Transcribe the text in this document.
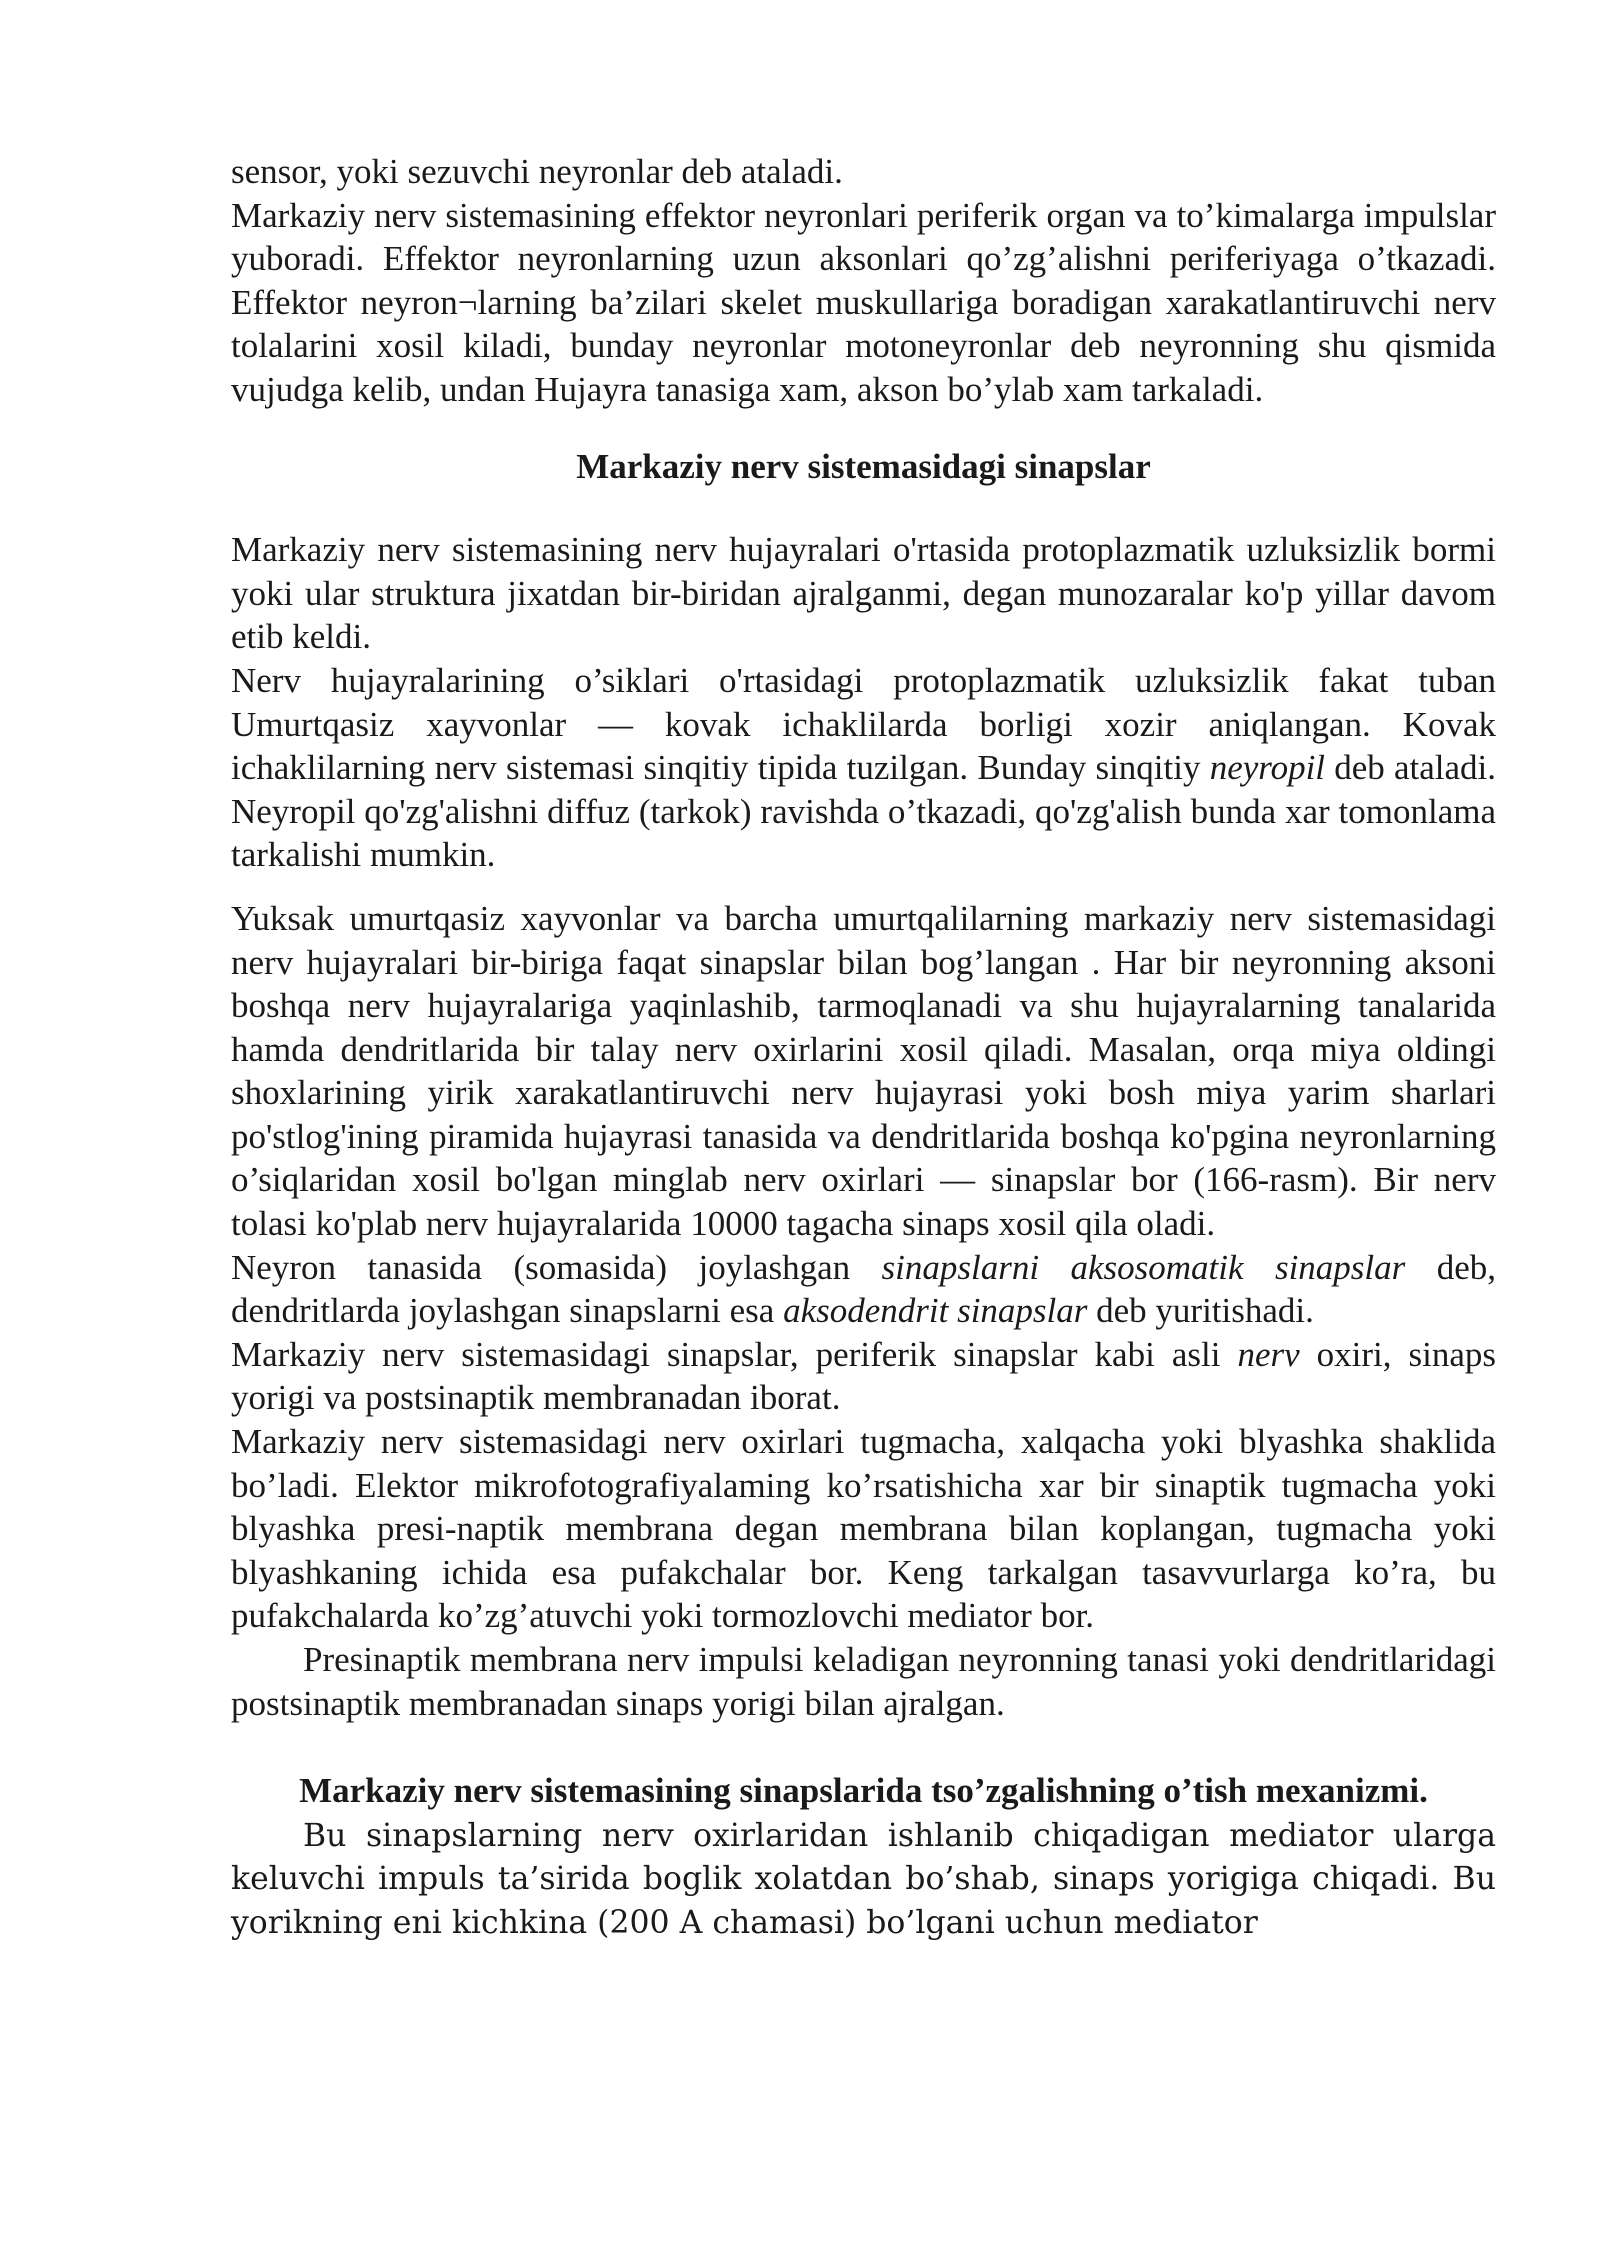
sensor, yoki sezuvchi neyronlar deb ataladi.

Markaziy nerv sistemasining effektor neyronlari periferik organ va to’kimalarga impulslar yuboradi. Effektor neyronlarning uzun aksonlari qo’zg’alishni periferiyaga o’tkazadi. Effektor neyron¬larning ba’zilari skelet muskullariga boradigan xarakatlantiruvchi nerv tolalarini xosil kiladi, bunday neyronlar motoneyronlar deb neyronning shu qismida vujudga kelib, undan Hujayra tanasiga xam, akson bo’ylab xam tarkaladi.

Markaziy nerv sistemasidagi sinapslar

Markaziy nerv sistemasining nerv hujayralari o'rtasida protoplazmatik uzluksizlik bormi yoki ular struktura jixatdan bir-biridan ajralganmi, degan munozaralar ko'p yillar davom etib keldi.

Nerv hujayralarining o’siklari o'rtasidagi protoplazmatik uzluksizlik fakat tuban Umurtqasiz xayvonlar — kovak ichaklilarda borligi xozir aniqlangan. Kovak ichaklilarning nerv sistemasi sinqitiy tipida tuzilgan. Bunday sinqitiy neyropil deb ataladi. Neyropil qo'zg'alishni diffuz (tarkok) ravishda o’tkazadi, qo'zg'alish bunda xar tomonlama tarkalishi mumkin.

Yuksak umurtqasiz xayvonlar va barcha umurtqalilarning markaziy nerv sistemasidagi nerv hujayralari bir-biriga faqat sinapslar bilan bog’langan . Har bir neyronning aksoni boshqa nerv hujayralariga yaqinlashib, tarmoqlanadi va shu hujayralarning tanalarida hamda dendritlarida bir talay nerv oxirlarini xosil qiladi. Masalan, orqa miya oldingi shoxlarining yirik xarakatlantiruvchi nerv hujayrasi yoki bosh miya yarim sharlari po'stlog'ining piramida hujayrasi tanasida va dendritlarida boshqa ko'pgina neyronlarning o’siqlaridan xosil bo'lgan minglab nerv oxirlari — sinapslar bor (166-rasm). Bir nerv tolasi ko'plab nerv hujayralarida 10000 tagacha sinaps xosil qila oladi.

Neyron tanasida (somasida) joylashgan sinapslarni aksosomatik sinapslar deb, dendritlarda joylashgan sinapslarni esa aksodendrit sinapslar deb yuritishadi.

Markaziy nerv sistemasidagi sinapslar, periferik sinapslar kabi asli nerv oxiri, sinaps yorigi va postsinaptik membranadan iborat.

Markaziy nerv sistemasidagi nerv oxirlari tugmacha, xalqacha yoki blyashka shaklida bo’ladi. Elektor mikrofotografiyalaming ko’rsatishicha xar bir sinaptik tugmacha yoki blyashka presi-naptik membrana degan membrana bilan koplangan, tugmacha yoki blyashkaning ichida esa pufakchalar bor. Keng tarkalgan tasavvurlarga ko’ra, bu pufakchalarda ko’zg’atuvchi yoki tormozlovchi mediator bor.

Presinaptik membrana nerv impulsi keladigan neyronning tanasi yoki dendritlaridagi postsinaptik membranadan sinaps yorigi bilan ajralgan.

Markaziy nerv sistemasining sinapslarida tso’zgalishning o’tish mexanizmi.

Bu sinapslarning nerv oxirlaridan ishlanib chiqadigan mediator ularga keluvchi impuls ta’sirida boglik xolatdan bo’shab, sinaps yorigiga chiqadi. Bu yorikning eni kichkina (200 A chamasi) bo’lgani uchun mediator
